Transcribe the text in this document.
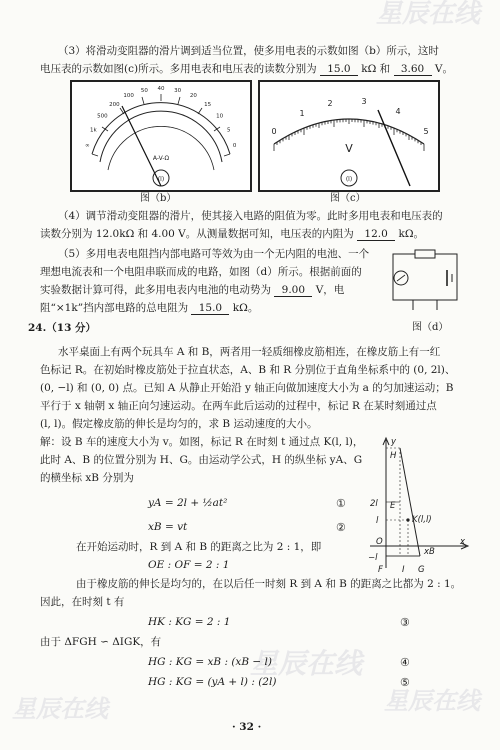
星辰在线
星辰在线
星辰在线	星辰在线
（3）将滑动变阻器的滑片调到适当位置，使多用电表的示数如图（b）所示，这时
电压表的示数如图(c)所示。多用电表和电压表的读数分别为 15.0 kΩ 和 3.60 V。
∞
1k
500
200
100
50 40 30
20
15
10
5
0
A-V-Ω
(l)
图（b）
0
1
2	3
4
5
V
(l)
图（c）
（4）调节滑动变阻器的滑片，使其接入电路的阻值为零。此时多用电表和电压表的
读数分别为 12.0kΩ 和 4.00 V。从测量数据可知，电压表的内阻为 12.0 kΩ。
（5）多用电表电阻挡内部电路可等效为由一个无内阻的电池、一个
理想电流表和一个电阻串联而成的电路，如图（d）所示。根据前面的
实验数据计算可得，此多用电表内电池的电动势为 9.00 V，电
阻“×1k”挡内部电路的总电阻为 15.0 kΩ。
图（d）
24.（13 分）
水平桌面上有两个玩具车 A 和 B，两者用一轻质细橡皮筋相连，在橡皮筋上有一红
色标记 R。在初始时橡皮筋处于拉直状态，A、B 和 R 分别位于直角坐标系中的 (0, 2l)、
(0, −l) 和 (0, 0) 点。已知 A 从静止开始沿 y 轴正向做加速度大小为 a 的匀加速运动；B
平行于 x 轴朝 x 轴正向匀速运动。在两车此后运动的过程中，标记 R 在某时刻通过点
(l, l)。假定橡皮筋的伸长是均匀的，求 B 运动速度的大小。
解：设 B 车的速度大小为 v。如图，标记 R 在时刻 t 通过点 K(l, l)，
此时 A、B 的位置分别为 H、G。由运动学公式，H 的纵坐标 yA、G
的横坐标 xB 分别为
yA = 2l + ½at²	①
xB = vt	②
在开始运动时，R 到 A 和 B 的距离之比为 2 : 1，即
OE : OF = 2 : 1
由于橡皮筋的伸长是均匀的，在以后任一时刻 R 到 A 和 B 的距离之比都为 2 : 1。
因此，在时刻 t 有
HK : KG = 2 : 1	③
由于 ΔFGH ∽ ΔIGK，有
HG : KG = xB : (xB − l)	④
HG : KG = (yA + l) : (2l)	⑤
y
H
2l E
l	K(l,l)
O	x
−l
F
xB
I G
· 32 ·
